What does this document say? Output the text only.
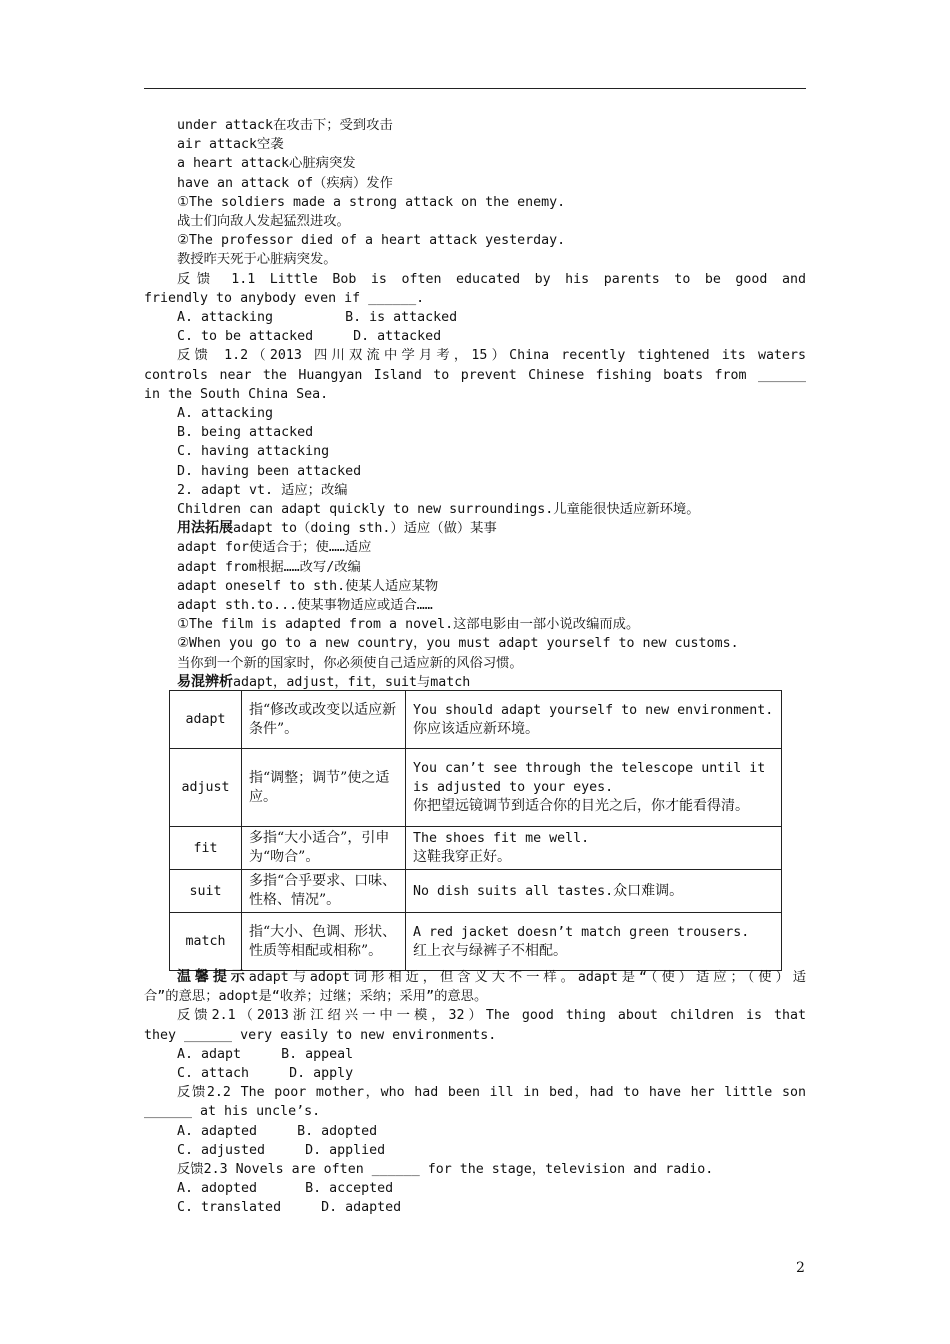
under attack在攻击下；受到攻击
air attack空袭
a heart attack心脏病突发
have an attack of（疾病）发作
①The soldiers made a strong attack on the enemy.
战士们向敌人发起猛烈进攻。
②The professor died of a heart attack yesterday.
教授昨天死于心脏病突发。
反馈 1.1 Little Bob is often educated by his parents to be good and
friendly to anybody even if ______.
A. attacking         B. is attacked
C. to be attacked     D. attacked
反馈 1.2（2013 四川双流中学月考，15）China recently tightened its waters
controls near the Huangyan Island to prevent Chinese fishing boats from ______
in the South China Sea.
A. attacking
B. being attacked
C. having attacking
D. having been attacked
2. adapt vt. 适应；改编
Children can adapt quickly to new surroundings.儿童能很快适应新环境。
用法拓展adapt to（doing sth.）适应（做）某事
adapt for使适合于；使……适应
adapt from根据……改写/改编
adapt oneself to sth.使某人适应某物
adapt sth.to...使某事物适应或适合……
①The film is adapted from a novel.这部电影由一部小说改编而成。
②When you go to a new country，you must adapt yourself to new customs.
当你到一个新的国家时，你必须使自己适应新的风俗习惯。
易混辨析adapt，adjust，fit，suit与match
adapt	指“修改或改变以适应新条件”。	You should adapt yourself to new environment.
你应该适应新环境。
adjust	指“调整；调节”使之适应。	You can’t see through the telescope until it is adjusted to your eyes.
你把望远镜调节到适合你的目光之后，你才能看得清。
fit	多指“大小适合”，引申为“吻合”。	The shoes fit me well.
这鞋我穿正好。
suit	多指“合乎要求、口味、性格、情况”。	No dish suits all tastes.众口难调。
match	指“大小、色调、形状、性质等相配或相称”。	A red jacket doesn’t match green trousers.
红上衣与绿裤子不相配。
温馨提示adapt与adopt词形相近，但含义大不一样。adapt是“（使）适应；（使）适
合”的意思；adopt是“收养；过继；采纳；采用”的意思。
反馈2.1（2013浙江绍兴一中一模，32）The good thing about children is that
they ______ very easily to new environments.
A. adapt     B. appeal
C. attach     D. apply
反馈2.2 The poor mother，who had been ill in bed，had to have her little son
______ at his uncle’s.
A. adapted     B. adopted
C. adjusted     D. applied
反馈2.3 Novels are often ______ for the stage，television and radio.
A. adopted      B. accepted
C. translated     D. adapted
2
